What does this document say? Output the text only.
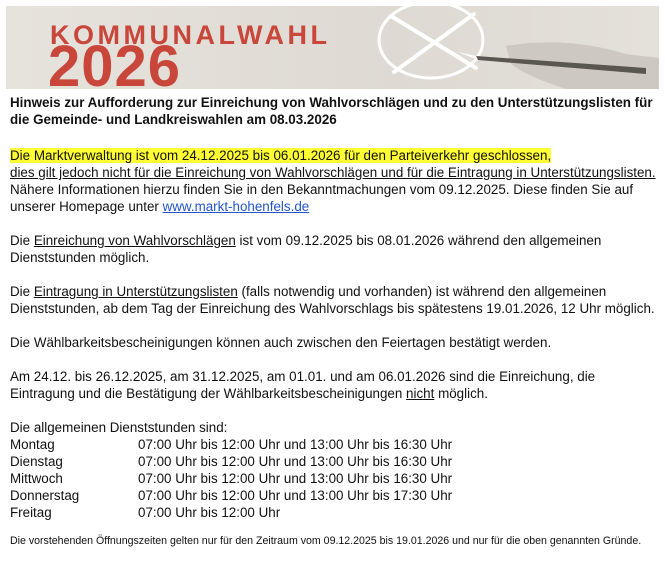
KOMMUNALWAHL
2026
Hinweis zur Aufforderung zur Einreichung von Wahlvorschlägen und zu den Unterstützungslisten für die Gemeinde- und Landkreiswahlen am 08.03.2026

Die Marktverwaltung ist vom 24.12.2025 bis 06.01.2026 für den Parteiverkehr geschlossen,
dies gilt jedoch nicht für die Einreichung von Wahlvorschlägen und für die Eintragung in Unterstützungslisten. Nähere Informationen hierzu finden Sie in den Bekanntmachungen vom 09.12.2025. Diese finden Sie auf unserer Homepage unter www.markt-hohenfels.de

Die Einreichung von Wahlvorschlägen ist vom 09.12.2025 bis 08.01.2026 während den allgemeinen Dienststunden möglich.

Die Eintragung in Unterstützungslisten (falls notwendig und vorhanden) ist während den allgemeinen Dienststunden, ab dem Tag der Einreichung des Wahlvorschlags bis spätestens 19.01.2026, 12 Uhr möglich.

Die Wählbarkeitsbescheinigungen können auch zwischen den Feiertagen bestätigt werden.

Am 24.12. bis 26.12.2025, am 31.12.2025, am 01.01. und am 06.01.2026 sind die Einreichung, die Eintragung und die Bestätigung der Wählbarkeitsbescheinigungen nicht möglich.

Die allgemeinen Dienststunden sind:

Montag	07:00 Uhr bis 12:00 Uhr und 13:00 Uhr bis 16:30 Uhr
Dienstag	07:00 Uhr bis 12:00 Uhr und 13:00 Uhr bis 16:30 Uhr
Mittwoch	07:00 Uhr bis 12:00 Uhr und 13:00 Uhr bis 16:30 Uhr
Donnerstag	07:00 Uhr bis 12:00 Uhr und 13:00 Uhr bis 17:30 Uhr
Freitag	07:00 Uhr bis 12:00 Uhr
Die vorstehenden Öffnungszeiten gelten nur für den Zeitraum vom 09.12.2025 bis 19.01.2026 und nur für die oben genannten Gründe.
